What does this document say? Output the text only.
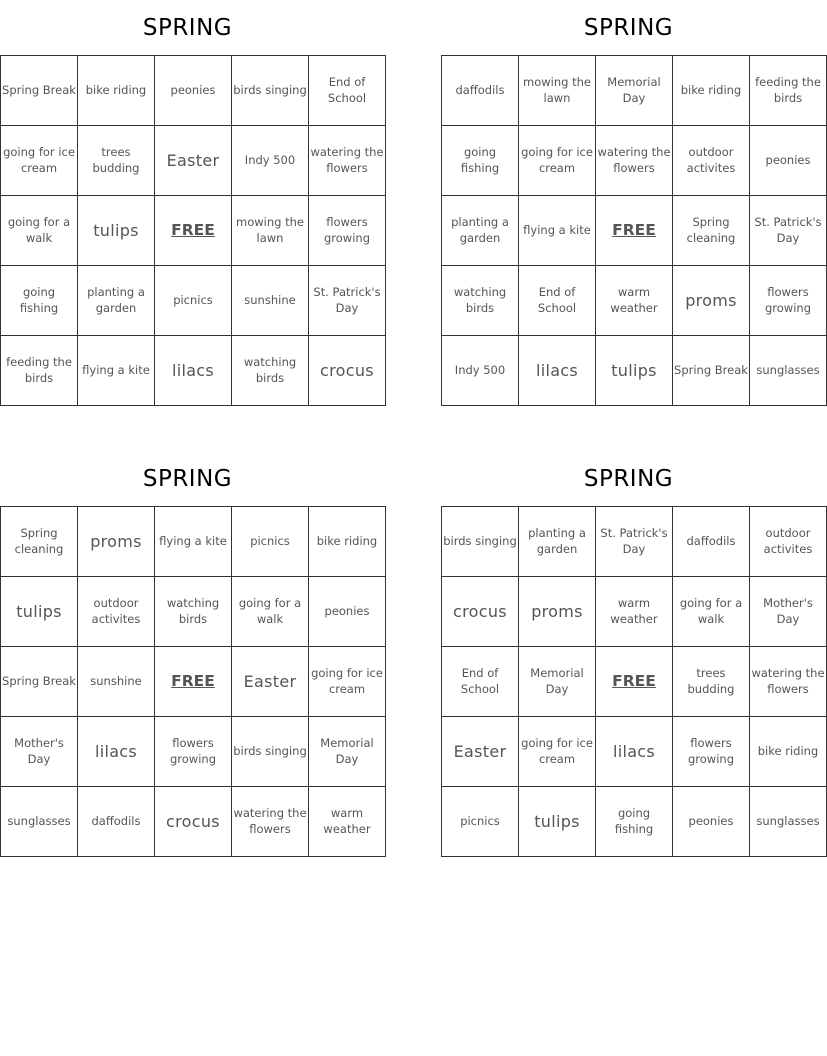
SPRING
Spring Break	bike riding	peonies	birds singing	End of School
going for ice cream	trees budding	Easter	Indy 500	watering the flowers
going for a walk	tulips	FREE	mowing the lawn	flowers growing
going fishing	planting a garden	picnics	sunshine	St. Patrick's Day
feeding the birds	flying a kite	lilacs	watching birds	crocus
SPRING
daffodils	mowing the lawn	Memorial Day	bike riding	feeding the birds
going fishing	going for ice cream	watering the flowers	outdoor activites	peonies
planting a garden	flying a kite	FREE	Spring cleaning	St. Patrick's Day
watching birds	End of School	warm weather	proms	flowers growing
Indy 500	lilacs	tulips	Spring Break	sunglasses
SPRING
Spring cleaning	proms	flying a kite	picnics	bike riding
tulips	outdoor activites	watching birds	going for a walk	peonies
Spring Break	sunshine	FREE	Easter	going for ice cream
Mother's Day	lilacs	flowers growing	birds singing	Memorial Day
sunglasses	daffodils	crocus	watering the flowers	warm weather
SPRING
birds singing	planting a garden	St. Patrick's Day	daffodils	outdoor activites
crocus	proms	warm weather	going for a walk	Mother's Day
End of School	Memorial Day	FREE	trees budding	watering the flowers
Easter	going for ice cream	lilacs	flowers growing	bike riding
picnics	tulips	going fishing	peonies	sunglasses
